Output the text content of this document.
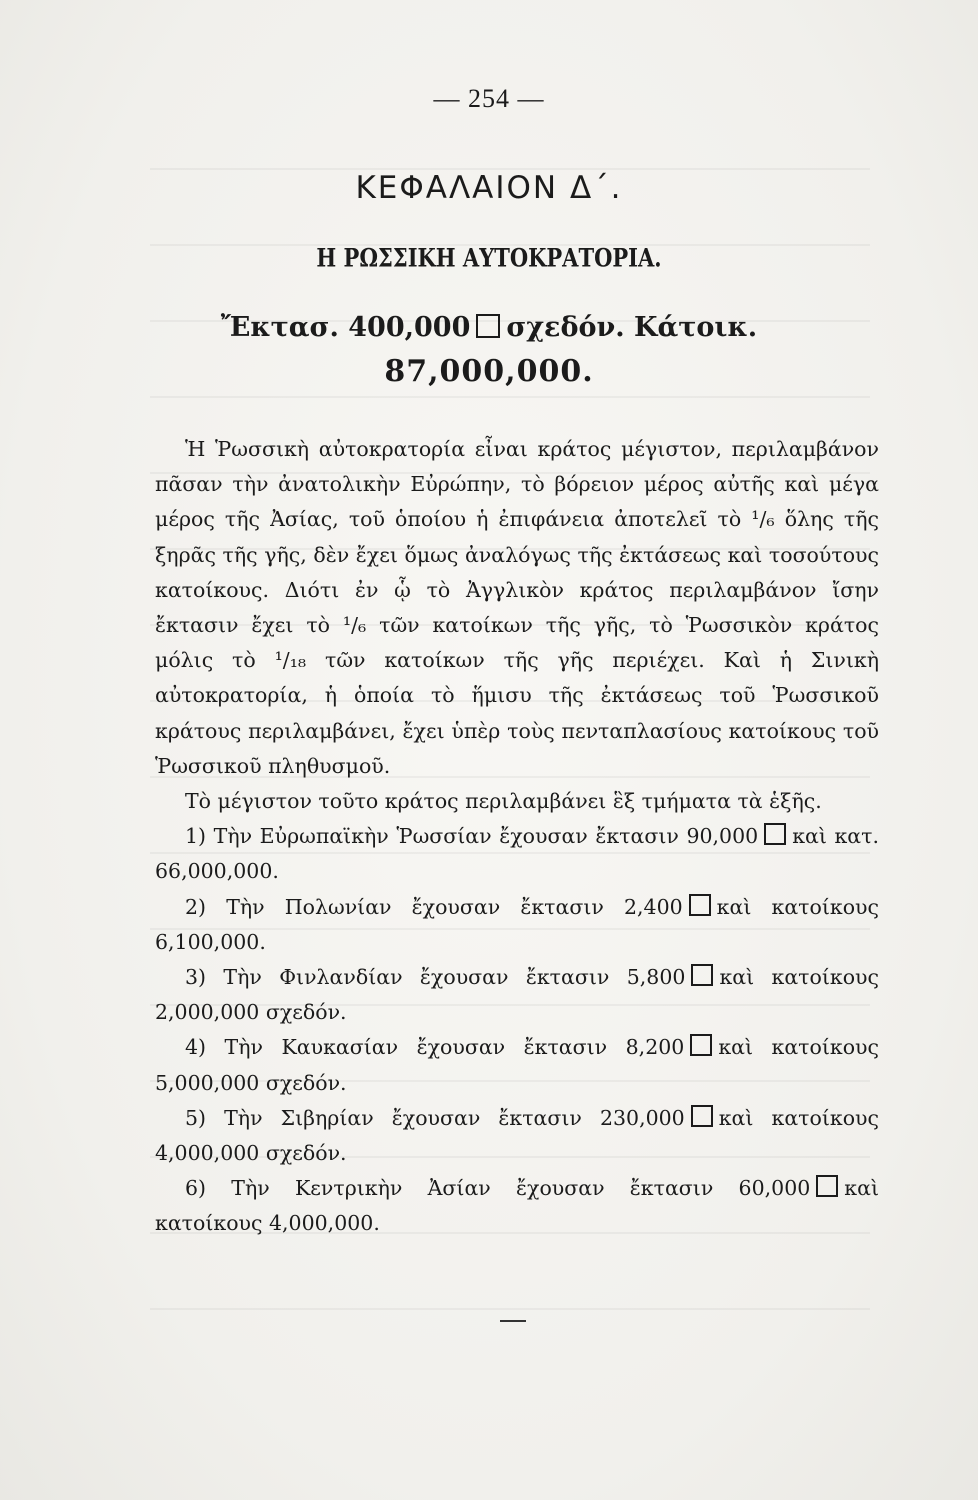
— 254 —
ΚΕΦΑΛΑΙΟΝ Δ΄.
Η ΡΩΣΣΙΚΗ ΑΥΤΟΚΡΑΤΟΡΙΑ.
Ἔκτασ. 400,000 σχεδόν. Κάτοικ.
87,000,000.

Ἡ Ῥωσσικὴ αὐτοκρατορία εἶναι κράτος μέγιστον, περιλαμβάνον πᾶσαν τὴν ἀνατολικὴν Εὐρώπην, τὸ βόρειον μέρος αὐτῆς καὶ μέγα μέρος τῆς Ἀσίας, τοῦ ὁποίου ἡ ἐπιφάνεια ἀποτελεῖ τὸ ¹/₆ ὅλης τῆς ξηρᾶς τῆς γῆς, δὲν ἔχει ὅμως ἀναλόγως τῆς ἐκτάσεως καὶ τοσούτους κατοίκους. Διότι ἐν ᾧ τὸ Ἀγγλικὸν κράτος περιλαμβάνον ἴσην ἔκτασιν ἔχει τὸ ¹/₆ τῶν κατοίκων τῆς γῆς, τὸ Ῥωσσικὸν κράτος μόλις τὸ ¹/₁₈ τῶν κατοίκων τῆς γῆς περιέχει. Καὶ ἡ Σινικὴ αὐτοκρατορία, ἡ ὁποία τὸ ἥμισυ τῆς ἐκτάσεως τοῦ Ῥωσσικοῦ κράτους περιλαμβάνει, ἔχει ὑπὲρ τοὺς πενταπλασίους κατοίκους τοῦ Ῥωσσικοῦ πληθυσμοῦ.

Τὸ μέγιστον τοῦτο κράτος περιλαμβάνει ἓξ τμήματα τὰ ἑξῆς.

1) Τὴν Εὐρωπαϊκὴν Ῥωσσίαν ἔχουσαν ἔκτασιν 90,000 καὶ κατ. 66,000,000.

2) Τὴν Πολωνίαν ἔχουσαν ἔκτασιν 2,400 καὶ κατοίκους 6,100,000.

3) Τὴν Φινλανδίαν ἔχουσαν ἔκτασιν 5,800 καὶ κατοίκους 2,000,000 σχεδόν.

4) Τὴν Καυκασίαν ἔχουσαν ἔκτασιν 8,200 καὶ κατοίκους 5,000,000 σχεδόν.

5) Τὴν Σιβηρίαν ἔχουσαν ἔκτασιν 230,000 καὶ κατοίκους 4,000,000 σχεδόν.

6) Τὴν Κεντρικὴν Ἀσίαν ἔχουσαν ἔκτασιν 60,000 καὶ κατοίκους 4,000,000.
